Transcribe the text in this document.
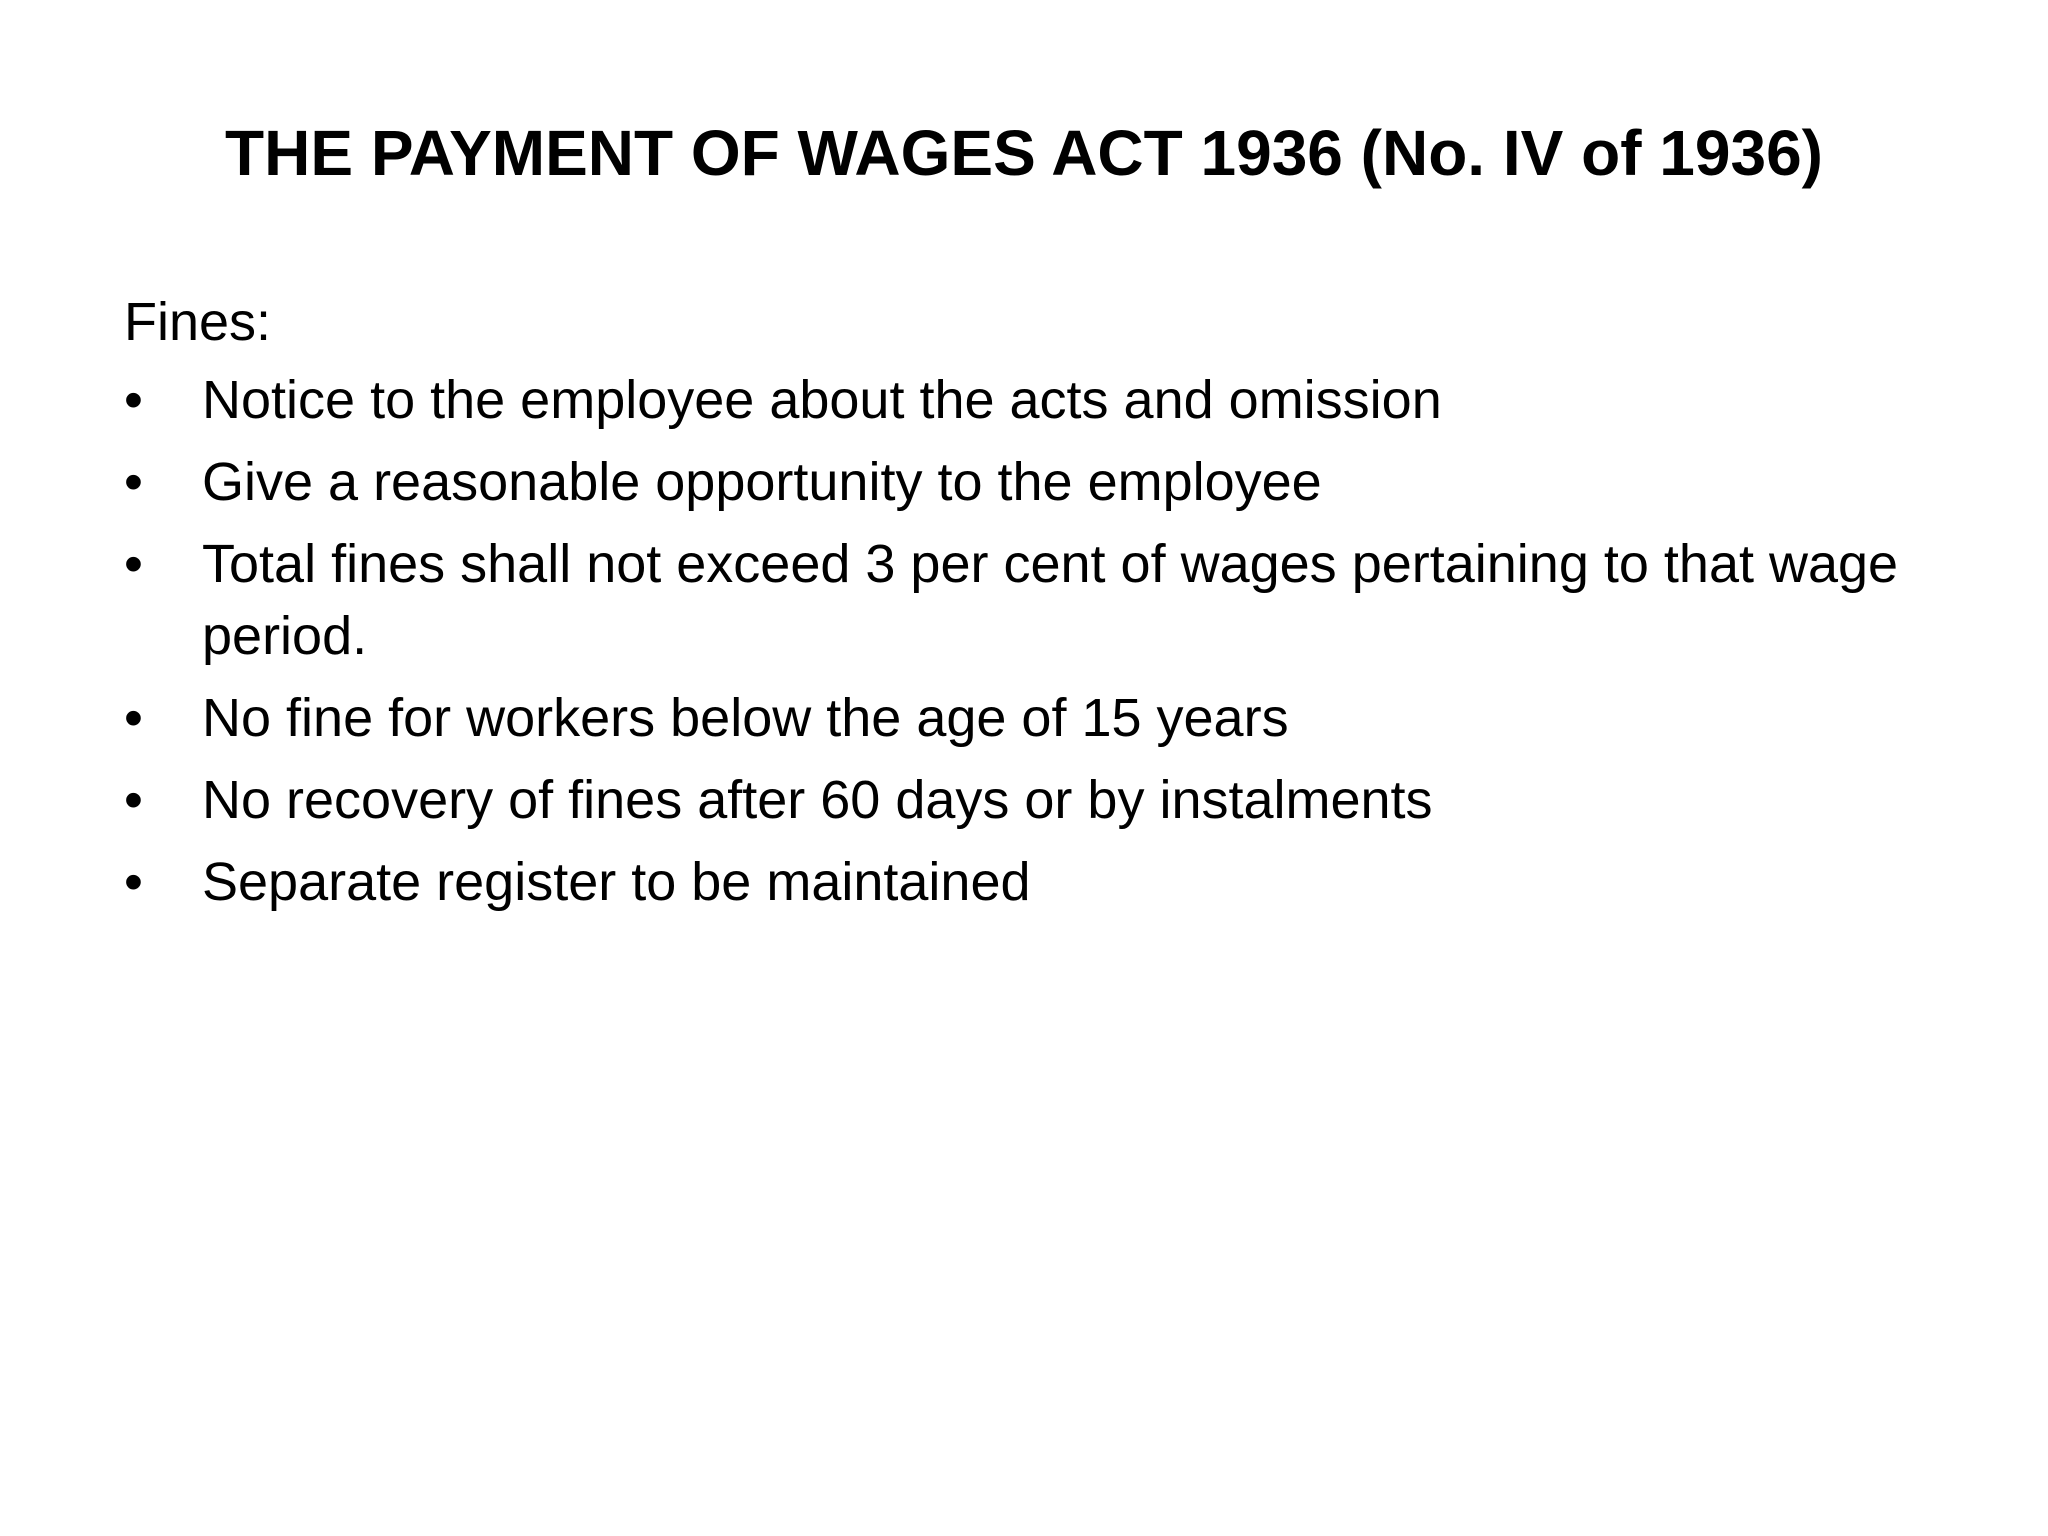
THE PAYMENT OF WAGES ACT 1936 (No. IV of 1936)
Fines:
•	Notice to the employee about the acts and omission
•	Give a reasonable opportunity to the employee
•	Total fines shall not exceed 3 per cent of wages pertaining to that wage period.
•	No fine for workers below the age of 15 years
•	No recovery of fines after 60 days or by instalments
•	Separate register to be maintained
